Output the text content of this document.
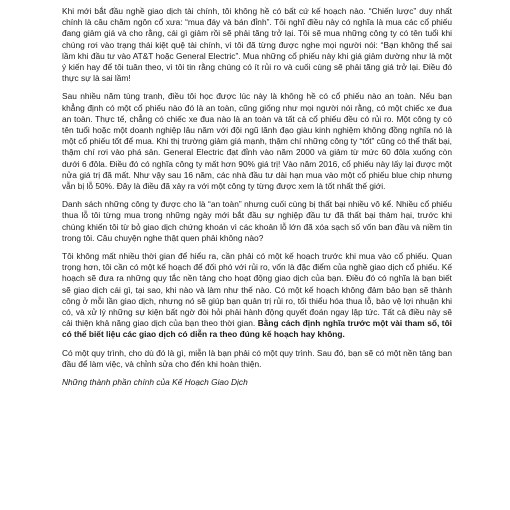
Khi mới bắt đầu nghề giao dịch tài chính, tôi không hề có bất cứ kế hoạch nào. “Chiến lược” duy nhất chính là câu châm ngôn cổ xưa: “mua đáy và bán đỉnh”. Tôi nghĩ điều này có nghĩa là mua các cổ phiếu đang giảm giá và cho rằng, cái gì giảm rồi sẽ phải tăng trở lại. Tôi sẽ mua những công ty có tên tuổi khi chúng rơi vào trạng thái kiệt quệ tài chính, vì tôi đã từng được nghe mọi người nói: “Bạn không thể sai lầm khi đầu tư vào AT&T hoặc General Electric”. Mua những cổ phiếu này khi giá giảm dường như là một ý kiến hay để tôi tuân theo, vì tôi tin rằng chúng có ít rủi ro và cuối cùng sẽ phải tăng giá trở lại. Điều đó thực sự là sai lầm!

Sau nhiều năm tùng tranh, điều tôi học được lúc này là không hề có cổ phiếu nào an toàn. Nếu bạn khẳng định có một cổ phiếu nào đó là an toàn, cũng giống như mọi người nói rằng, có một chiếc xe đua an toàn. Thực tế, chẳng có chiếc xe đua nào là an toàn và tất cả cổ phiếu đều có rủi ro. Một công ty có tên tuổi hoặc một doanh nghiệp lâu năm với đội ngũ lãnh đạo giàu kinh nghiệm không đồng nghĩa nó là một cổ phiếu tốt để mua. Khi thị trường giảm giá mạnh, thậm chí những công ty “tốt” cũng có thể thất bại, thậm chí rơi vào phá sản. General Electric đạt đỉnh vào năm 2000 và giảm từ mức 60 đôla xuống còn dưới 6 đôla. Điều đó có nghĩa công ty mất hơn 90% giá trị! Vào năm 2016, cổ phiếu này lấy lại được một nửa giá trị đã mất. Như vậy sau 16 năm, các nhà đầu tư dài hạn mua vào một cổ phiếu blue chip nhưng vẫn bị lỗ 50%. Đây là điều đã xảy ra với một công ty từng được xem là tốt nhất thế giới.

Danh sách những công ty được cho là “an toàn” nhưng cuối cùng bị thất bại nhiều vô kể. Nhiều cổ phiếu thua lỗ tôi từng mua trong những ngày mới bắt đầu sự nghiệp đầu tư đã thất bại thảm hại, trước khi chúng khiến tôi từ bỏ giao dịch chứng khoán vì các khoản lỗ lớn đã xóa sạch số vốn ban đầu và niềm tin trong tôi. Câu chuyện nghe thật quen phải không nào?

Tôi không mất nhiều thời gian để hiểu ra, cần phải có một kế hoạch trước khi mua vào cổ phiếu. Quan trọng hơn, tôi cần có một kế hoạch để đối phó với rủi ro, vốn là đặc điểm của nghề giao dịch cổ phiếu. Kế hoạch sẽ đưa ra những quy tắc nền tảng cho hoạt động giao dịch của bạn. Điều đó có nghĩa là bạn biết sẽ giao dịch cái gì, tại sao, khi nào và làm như thế nào. Có một kế hoạch không đảm bảo bạn sẽ thành công ở mỗi lần giao dịch, nhưng nó sẽ giúp bạn quản trị rủi ro, tối thiểu hóa thua lỗ, bảo vệ lợi nhuận khi có, và xử lý những sự kiện bất ngờ đòi hỏi phải hành động quyết đoán ngay lập tức. Tất cả điều này sẽ cải thiện khả năng giao dịch của bạn theo thời gian. Bằng cách định nghĩa trước một vài tham số, tôi có thể biết liệu các giao dịch có diễn ra theo đúng kế hoạch hay không.

Có một quy trình, cho dù đó là gì, miễn là bạn phải có một quy trình. Sau đó, bạn sẽ có một nền tảng ban đầu để làm việc, và chỉnh sửa cho đến khi hoàn thiện.

Những thành phần chính của Kế Hoạch Giao Dịch
